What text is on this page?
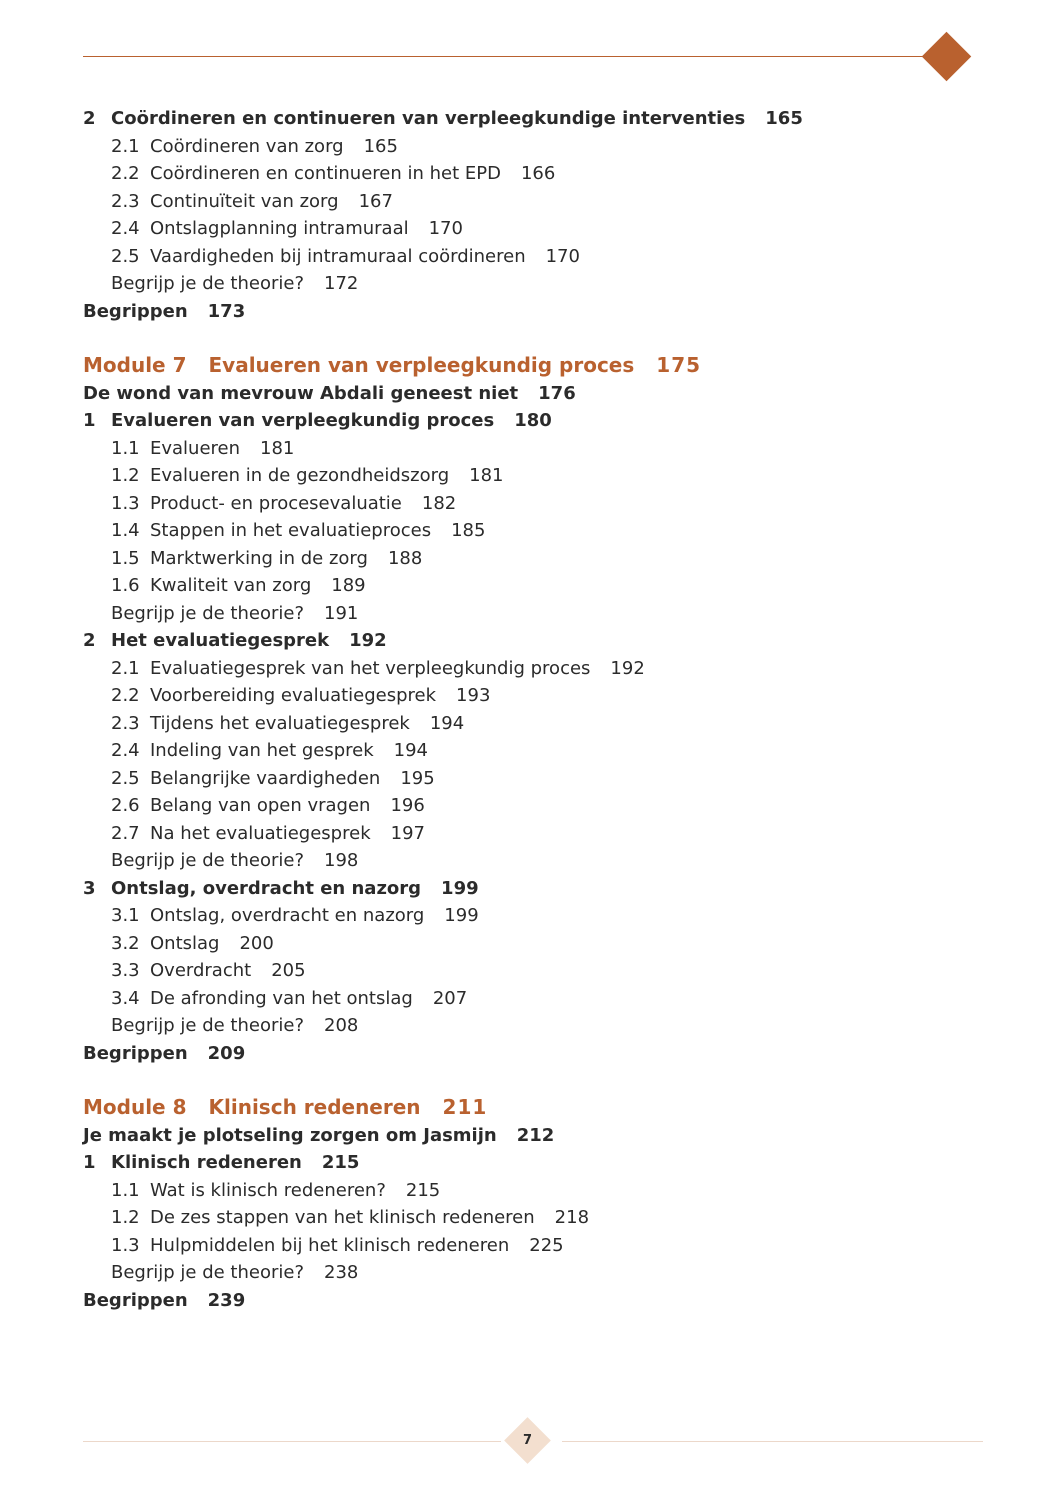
2 Coördineren en continueren van verpleegkundige interventies 165
2.1 Coördineren van zorg 165
2.2 Coördineren en continueren in het EPD 166
2.3 Continuïteit van zorg 167
2.4 Ontslagplanning intramuraal 170
2.5 Vaardigheden bij intramuraal coördineren 170
Begrijp je de theorie? 172
Begrippen 173
Module 7 Evalueren van verpleegkundig proces 175
De wond van mevrouw Abdali geneest niet 176
1 Evalueren van verpleegkundig proces 180
1.1 Evalueren 181
1.2 Evalueren in de gezondheidszorg 181
1.3 Product- en procesevaluatie 182
1.4 Stappen in het evaluatieproces 185
1.5 Marktwerking in de zorg 188
1.6 Kwaliteit van zorg 189
Begrijp je de theorie? 191
2 Het evaluatiegesprek 192
2.1 Evaluatiegesprek van het verpleegkundig proces 192
2.2 Voorbereiding evaluatiegesprek 193
2.3 Tijdens het evaluatiegesprek 194
2.4 Indeling van het gesprek 194
2.5 Belangrijke vaardigheden 195
2.6 Belang van open vragen 196
2.7 Na het evaluatiegesprek 197
Begrijp je de theorie? 198
3 Ontslag, overdracht en nazorg 199
3.1 Ontslag, overdracht en nazorg 199
3.2 Ontslag 200
3.3 Overdracht 205
3.4 De afronding van het ontslag 207
Begrijp je de theorie? 208
Begrippen 209
Module 8 Klinisch redeneren 211
Je maakt je plotseling zorgen om Jasmijn 212
1 Klinisch redeneren 215
1.1 Wat is klinisch redeneren? 215
1.2 De zes stappen van het klinisch redeneren 218
1.3 Hulpmiddelen bij het klinisch redeneren 225
Begrijp je de theorie? 238
Begrippen 239
7
